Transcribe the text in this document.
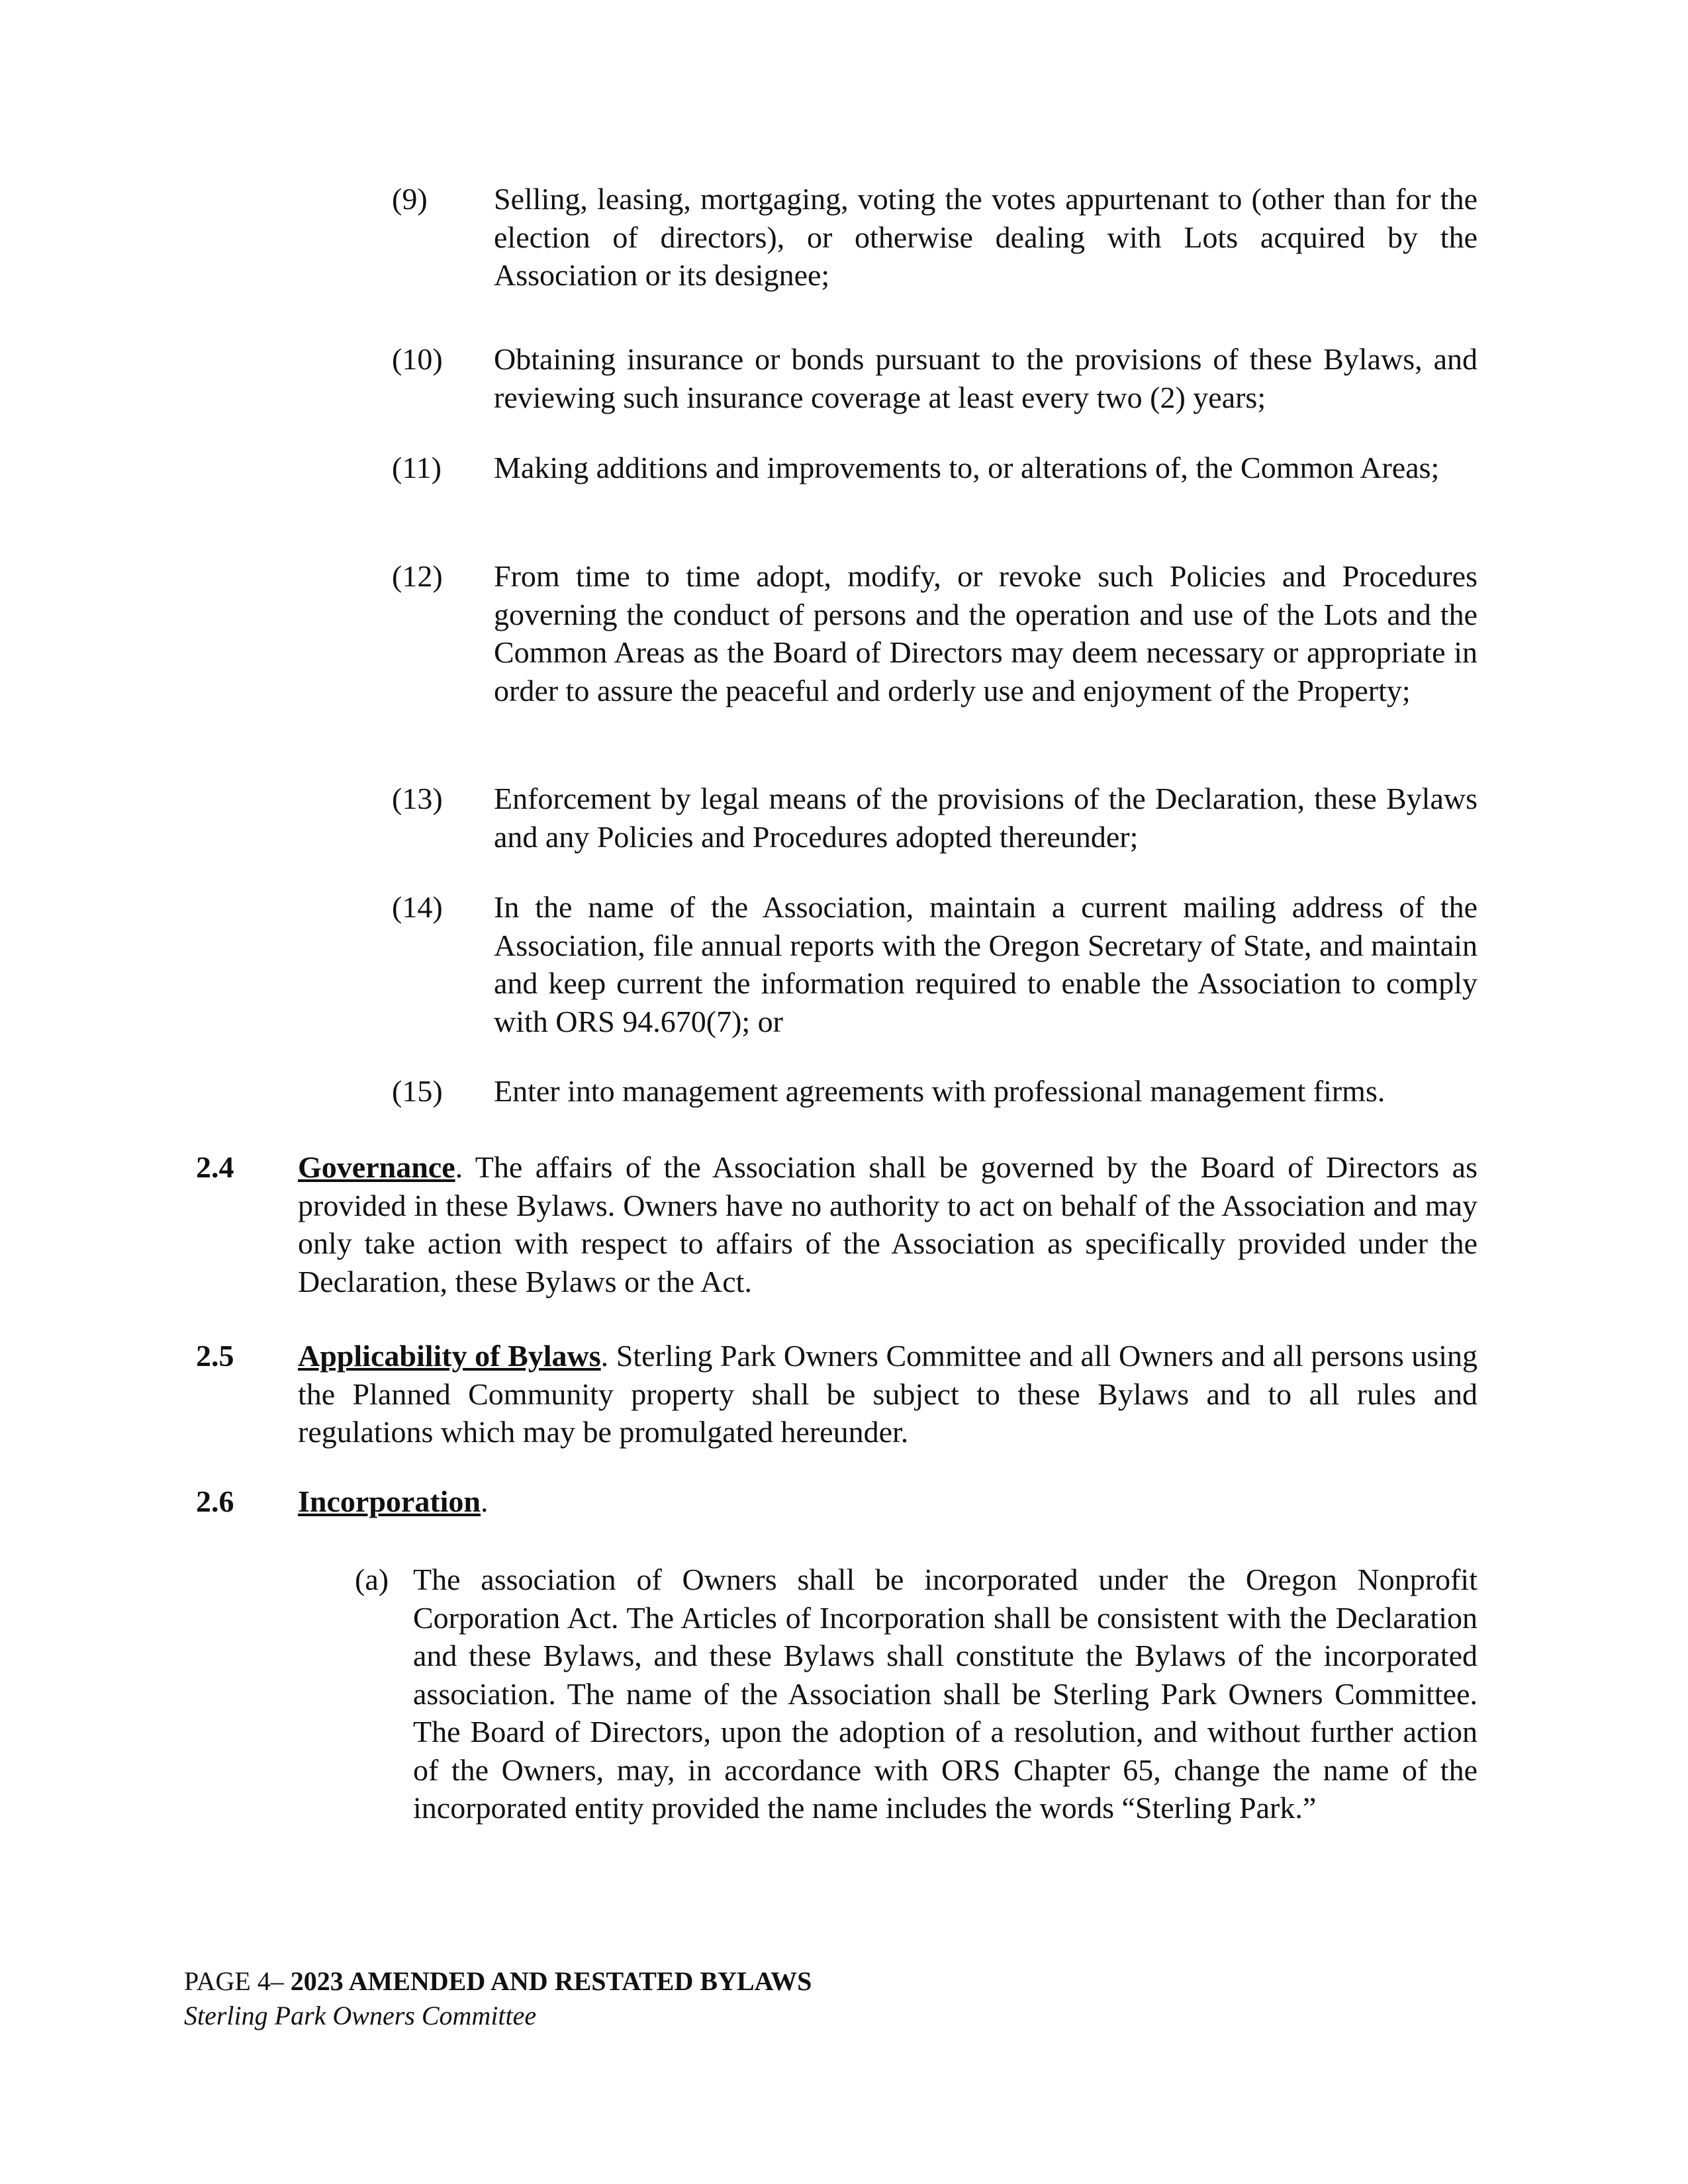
(9)	Selling, leasing, mortgaging, voting the votes appurtenant to (other than for the election of directors), or otherwise dealing with Lots acquired by the Association or its designee;
(10)	Obtaining insurance or bonds pursuant to the provisions of these Bylaws, and reviewing such insurance coverage at least every two (2) years;
(11)	Making additions and improvements to, or alterations of, the Common Areas;
(12)	From time to time adopt, modify, or revoke such Policies and Procedures governing the conduct of persons and the operation and use of the Lots and the Common Areas as the Board of Directors may deem necessary or appropriate in order to assure the peaceful and orderly use and enjoyment of the Property;
(13)	Enforcement by legal means of the provisions of the Declaration, these Bylaws and any Policies and Procedures adopted thereunder;
(14)	In the name of the Association, maintain a current mailing address of the Association, file annual reports with the Oregon Secretary of State, and maintain and keep current the information required to enable the Association to comply with ORS 94.670(7); or
(15)	Enter into management agreements with professional management firms.
2.4 Governance. The affairs of the Association shall be governed by the Board of Directors as provided in these Bylaws. Owners have no authority to act on behalf of the Association and may only take action with respect to affairs of the Association as specifically provided under the Declaration, these Bylaws or the Act.
2.5 Applicability of Bylaws. Sterling Park Owners Committee and all Owners and all persons using the Planned Community property shall be subject to these Bylaws and to all rules and regulations which may be promulgated hereunder.
2.6 Incorporation.
(a) The association of Owners shall be incorporated under the Oregon Nonprofit Corporation Act. The Articles of Incorporation shall be consistent with the Declaration and these Bylaws, and these Bylaws shall constitute the Bylaws of the incorporated association. The name of the Association shall be Sterling Park Owners Committee. The Board of Directors, upon the adoption of a resolution, and without further action of the Owners, may, in accordance with ORS Chapter 65, change the name of the incorporated entity provided the name includes the words “Sterling Park.”
PAGE 4– 2023 AMENDED AND RESTATED BYLAWS
Sterling Park Owners Committee
